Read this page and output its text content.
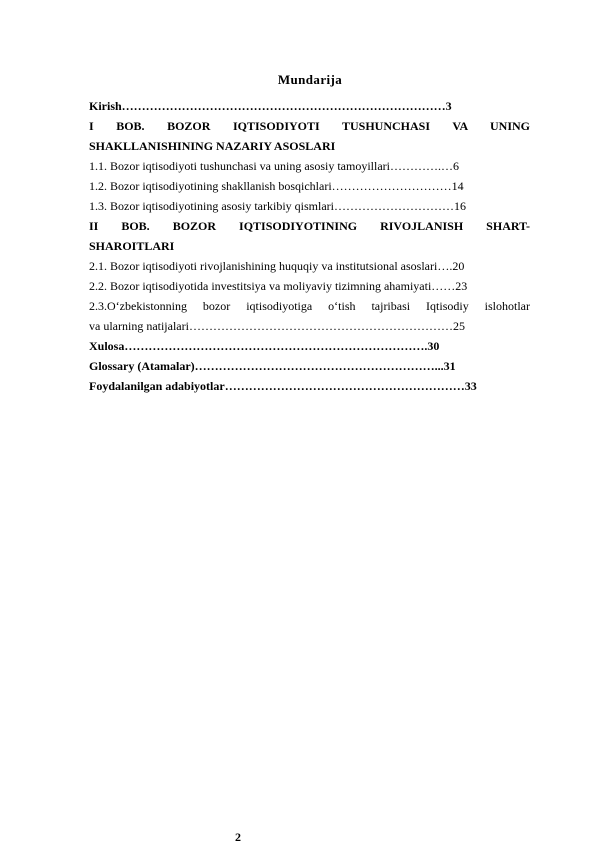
Mundarija
Kirish………………………………………………………………………3
I BOB. BOZOR IQTISODIYOTI TUSHUNCHASI VA UNING
SHAKLLANISHINING NAZARIY ASOSLARI
1.1. Bozor iqtisodiyoti tushunchasi va uning asosiy tamoyillari………….…6
1.2. Bozor iqtisodiyotining shakllanish bosqichlari…………………………14
1.3. Bozor iqtisodiyotining asosiy tarkibiy qismlari…………………………16
II BOB. BOZOR IQTISODIYOTINING RIVOJLANISH SHART-
SHAROITLARI
2.1. Bozor iqtisodiyoti rivojlanishining huquqiy va institutsional asoslari….20
2.2. Bozor iqtisodiyotida investitsiya va moliyaviy tizimning ahamiyati……23
2.3.O‘zbekistonning bozor iqtisodiyotiga o‘tish tajribasi Iqtisodiy islohotlar
va ularning natijalari…………………………………………………………25
Xulosa………………………………………………………………….30
Glossary (Atamalar)……………………………………………………...31
Foydalanilgan adabiyotlar……………………………………………………33
2
